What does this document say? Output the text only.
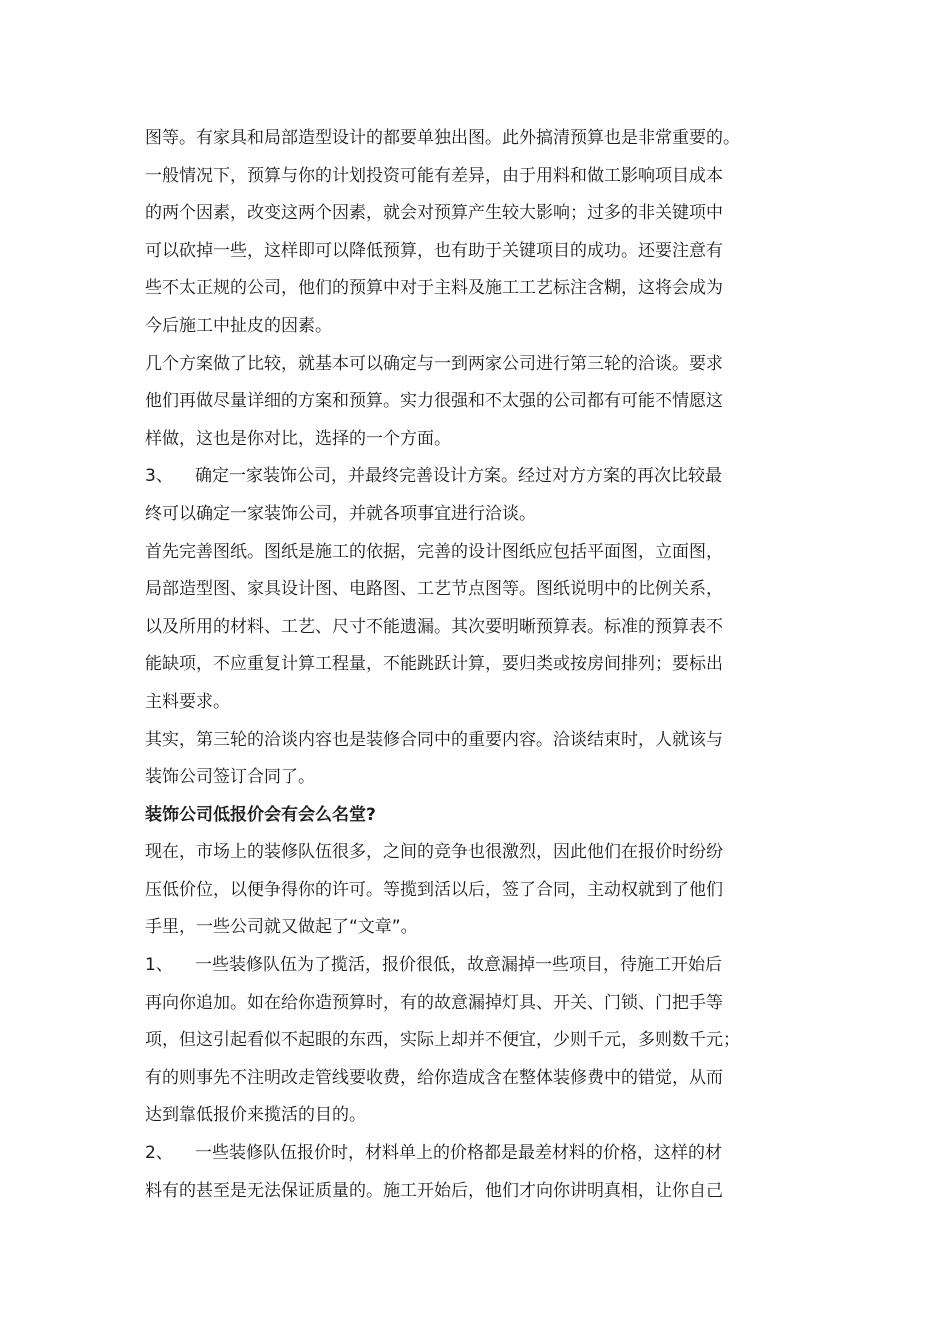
图等。有家具和局部造型设计的都要单独出图。此外搞清预算也是非常重要的。
一般情况下，预算与你的计划投资可能有差异，由于用料和做工影响项目成本
的两个因素，改变这两个因素，就会对预算产生较大影响；过多的非关键项中
可以砍掉一些，这样即可以降低预算，也有助于关键项目的成功。还要注意有
些不太正规的公司，他们的预算中对于主料及施工工艺标注含糊，这将会成为
今后施工中扯皮的因素。
几个方案做了比较，就基本可以确定与一到两家公司进行第三轮的洽谈。要求
他们再做尽量详细的方案和预算。实力很强和不太强的公司都有可能不情愿这
样做，这也是你对比，选择的一个方面。
3、 确定一家装饰公司，并最终完善设计方案。经过对方方案的再次比较最
终可以确定一家装饰公司，并就各项事宜进行洽谈。
首先完善图纸。图纸是施工的依据，完善的设计图纸应包括平面图，立面图，
局部造型图、家具设计图、电路图、工艺节点图等。图纸说明中的比例关系，
以及所用的材料、工艺、尺寸不能遗漏。其次要明晰预算表。标准的预算表不
能缺项，不应重复计算工程量，不能跳跃计算，要归类或按房间排列；要标出
主料要求。
其实，第三轮的洽谈内容也是装修合同中的重要内容。洽谈结束时，人就该与
装饰公司签订合同了。
装饰公司低报价会有会么名堂?
现在，市场上的装修队伍很多，之间的竞争也很激烈，因此他们在报价时纷纷
压低价位，以便争得你的许可。等揽到活以后，签了合同，主动权就到了他们
手里，一些公司就又做起了“文章”。
1、 一些装修队伍为了揽活，报价很低，故意漏掉一些项目，待施工开始后
再向你追加。如在给你造预算时，有的故意漏掉灯具、开关、门锁、门把手等
项，但这引起看似不起眼的东西，实际上却并不便宜，少则千元，多则数千元；
有的则事先不注明改走管线要收费，给你造成含在整体装修费中的错觉，从而
达到靠低报价来揽活的目的。
2、 一些装修队伍报价时，材料单上的价格都是最差材料的价格，这样的材
料有的甚至是无法保证质量的。施工开始后，他们才向你讲明真相，让你自己
